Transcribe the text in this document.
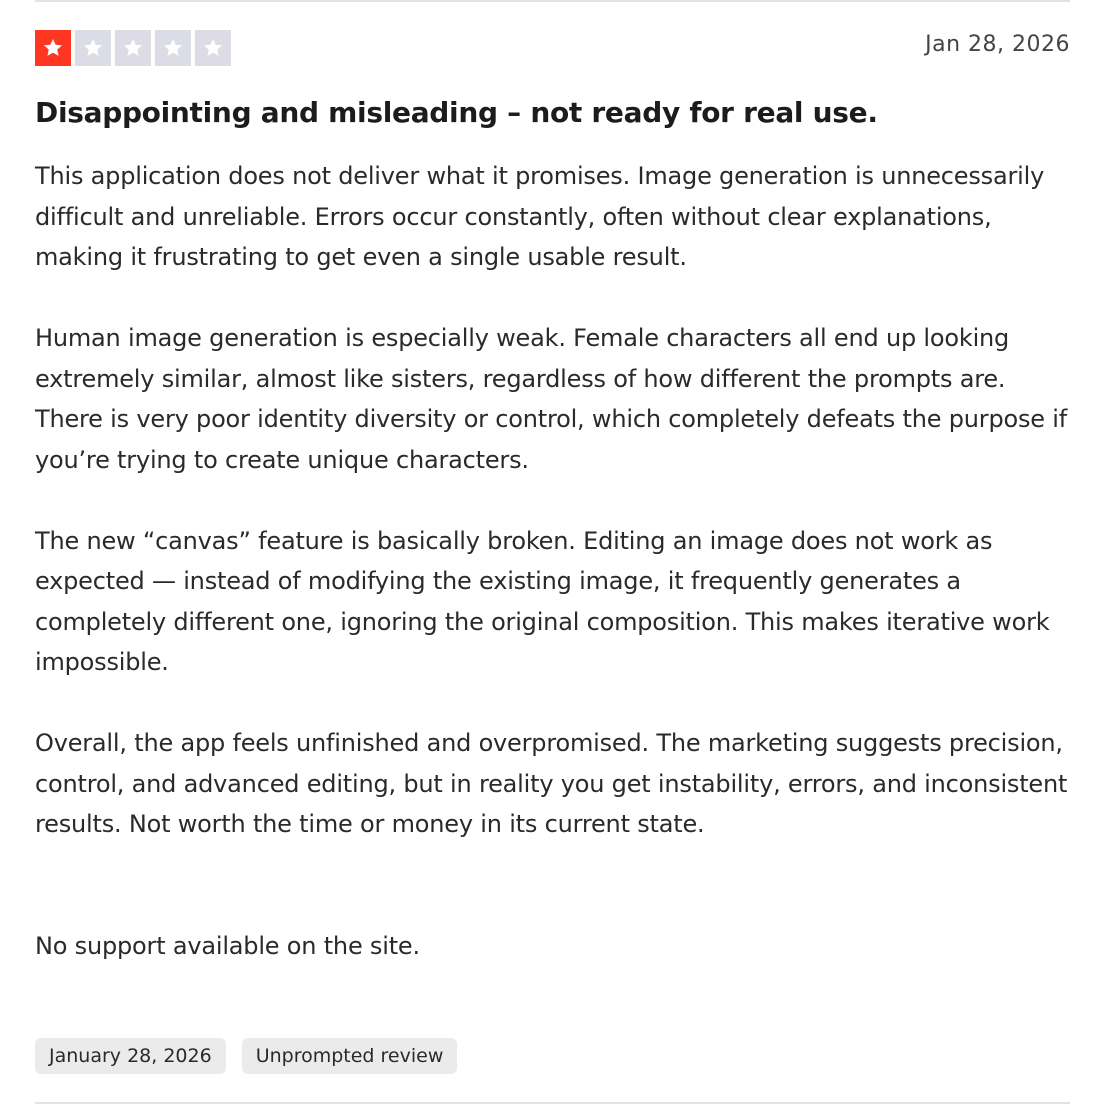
Jan 28, 2026
Disappointing and misleading – not ready for real use.

This application does not deliver what it promises. Image generation is unnecessarily difficult and unreliable. Errors occur constantly, often without clear explanations, making it frustrating to get even a single usable result.

Human image generation is especially weak. Female characters all end up looking extremely similar, almost like sisters, regardless of how different the prompts are. There is very poor identity diversity or control, which completely defeats the purpose if you’re trying to create unique characters.

The new “canvas” feature is basically broken. Editing an image does not work as expected — instead of modifying the existing image, it frequently generates a completely different one, ignoring the original composition. This makes iterative work impossible.

Overall, the app feels unfinished and overpromised. The marketing suggests precision, control, and advanced editing, but in reality you get instability, errors, and inconsistent results. Not worth the time or money in its current state.

No support available on the site.

January 28, 2026	Unprompted review
